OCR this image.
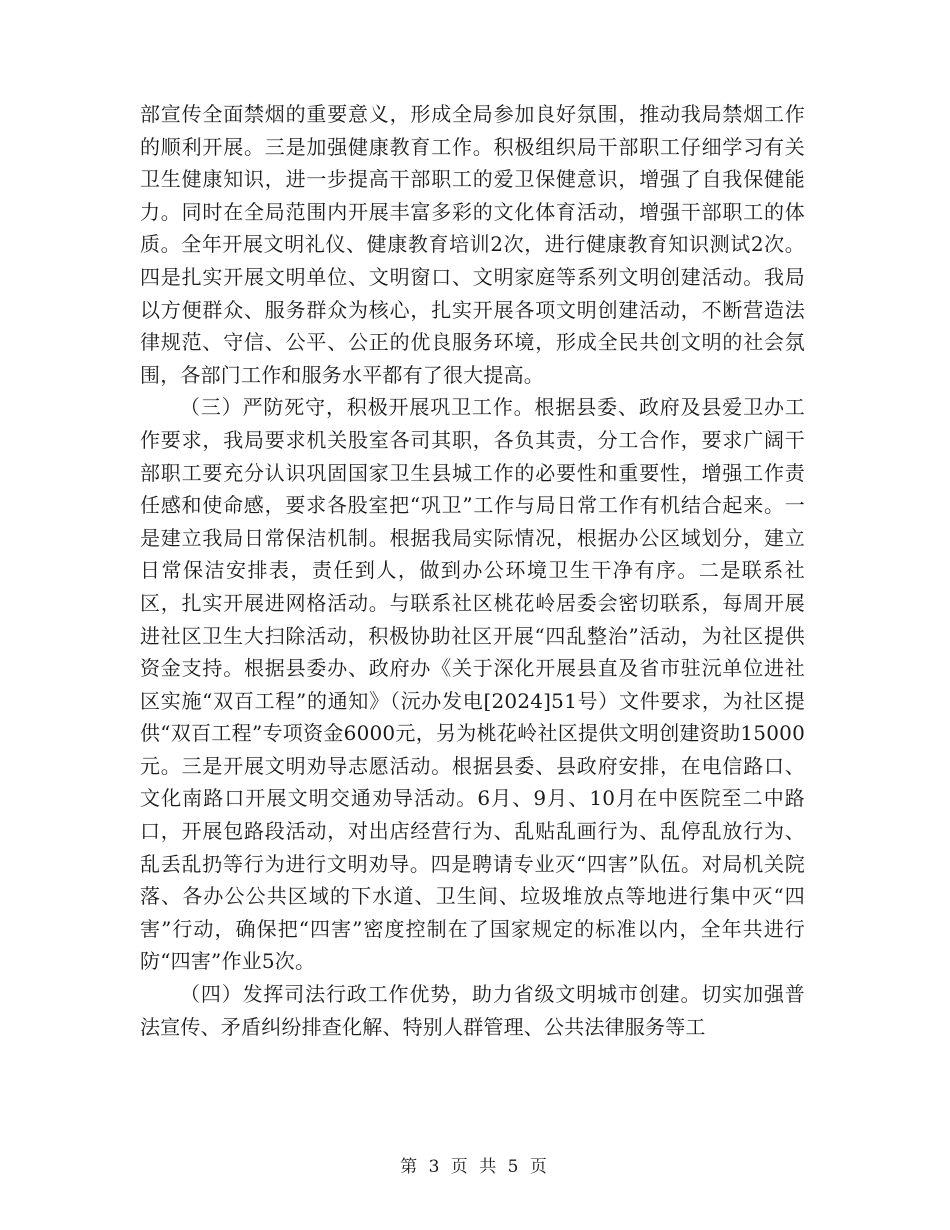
部宣传全面禁烟的重要意义，形成全局参加良好氛围，推动我局禁烟工作的顺利开展。三是加强健康教育工作。积极组织局干部职工仔细学习有关卫生健康知识，进一步提高干部职工的爱卫保健意识，增强了自我保健能力。同时在全局范围内开展丰富多彩的文化体育活动，增强干部职工的体质。全年开展文明礼仪、健康教育培训2次，进行健康教育知识测试2次。四是扎实开展文明单位、文明窗口、文明家庭等系列文明创建活动。我局以方便群众、服务群众为核心，扎实开展各项文明创建活动，不断营造法律规范、守信、公平、公正的优良服务环境，形成全民共创文明的社会氛围，各部门工作和服务水平都有了很大提高。

（三）严防死守，积极开展巩卫工作。根据县委、政府及县爱卫办工作要求，我局要求机关股室各司其职，各负其责，分工合作，要求广阔干部职工要充分认识巩固国家卫生县城工作的必要性和重要性，增强工作责任感和使命感，要求各股室把“巩卫”工作与局日常工作有机结合起来。一是建立我局日常保洁机制。根据我局实际情况，根据办公区域划分，建立日常保洁安排表，责任到人，做到办公环境卫生干净有序。二是联系社区，扎实开展进网格活动。与联系社区桃花岭居委会密切联系，每周开展进社区卫生大扫除活动，积极协助社区开展“四乱整治”活动，为社区提供资金支持。根据县委办、政府办《关于深化开展县直及省市驻沅单位进社区实施“双百工程”的通知》（沅办发电[2024]51号）文件要求，为社区提供“双百工程”专项资金6000元，另为桃花岭社区提供文明创建资助15000元。三是开展文明劝导志愿活动。根据县委、县政府安排，在电信路口、文化南路口开展文明交通劝导活动。6月、9月、10月在中医院至二中路口，开展包路段活动，对出店经营行为、乱贴乱画行为、乱停乱放行为、乱丢乱扔等行为进行文明劝导。四是聘请专业灭“四害”队伍。对局机关院落、各办公公共区域的下水道、卫生间、垃圾堆放点等地进行集中灭“四害”行动，确保把“四害”密度控制在了国家规定的标准以内，全年共进行防“四害”作业5次。

（四）发挥司法行政工作优势，助力省级文明城市创建。切实加强普法宣传、矛盾纠纷排查化解、特别人群管理、公共法律服务等工

第 3 页 共 5 页
